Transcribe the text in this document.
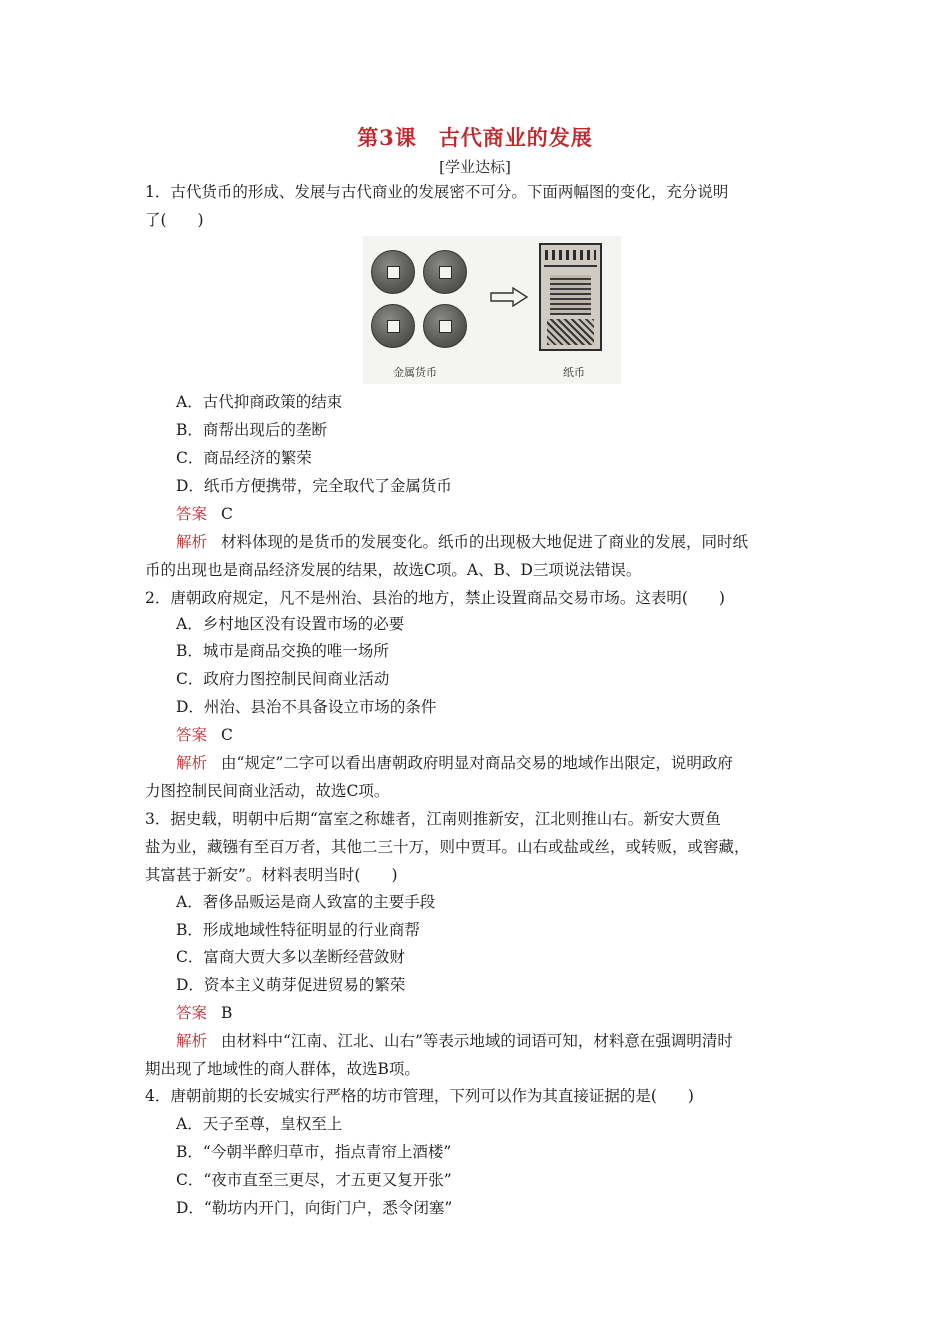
第3课　古代商业的发展
[学业达标]
1．古代货币的形成、发展与古代商业的发展密不可分。下面两幅图的变化，充分说明
了(　　)
金属货币	纸币
A．古代抑商政策的结束
B．商帮出现后的垄断
C．商品经济的繁荣
D．纸币方便携带，完全取代了金属货币
答案 C
解析 材料体现的是货币的发展变化。纸币的出现极大地促进了商业的发展，同时纸
币的出现也是商品经济发展的结果，故选C项。A、B、D三项说法错误。
2．唐朝政府规定，凡不是州治、县治的地方，禁止设置商品交易市场。这表明(　　)
A．乡村地区没有设置市场的必要
B．城市是商品交换的唯一场所
C．政府力图控制民间商业活动
D．州治、县治不具备设立市场的条件
答案 C
解析 由“规定”二字可以看出唐朝政府明显对商品交易的地域作出限定，说明政府
力图控制民间商业活动，故选C项。
3．据史载，明朝中后期“富室之称雄者，江南则推新安，江北则推山右。新安大贾鱼
盐为业，藏镪有至百万者，其他二三十万，则中贾耳。山右或盐或丝，或转贩，或窖藏，
其富甚于新安”。材料表明当时(　　)
A．奢侈品贩运是商人致富的主要手段
B．形成地域性特征明显的行业商帮
C．富商大贾大多以垄断经营敛财
D．资本主义萌芽促进贸易的繁荣
答案 B
解析 由材料中“江南、江北、山右”等表示地域的词语可知，材料意在强调明清时
期出现了地域性的商人群体，故选B项。
4．唐朝前期的长安城实行严格的坊市管理，下列可以作为其直接证据的是(　　)
A．天子至尊，皇权至上
B．“今朝半醉归草市，指点青帘上酒楼”
C．“夜市直至三更尽，才五更又复开张”
D．“勒坊内开门，向街门户，悉令闭塞”
